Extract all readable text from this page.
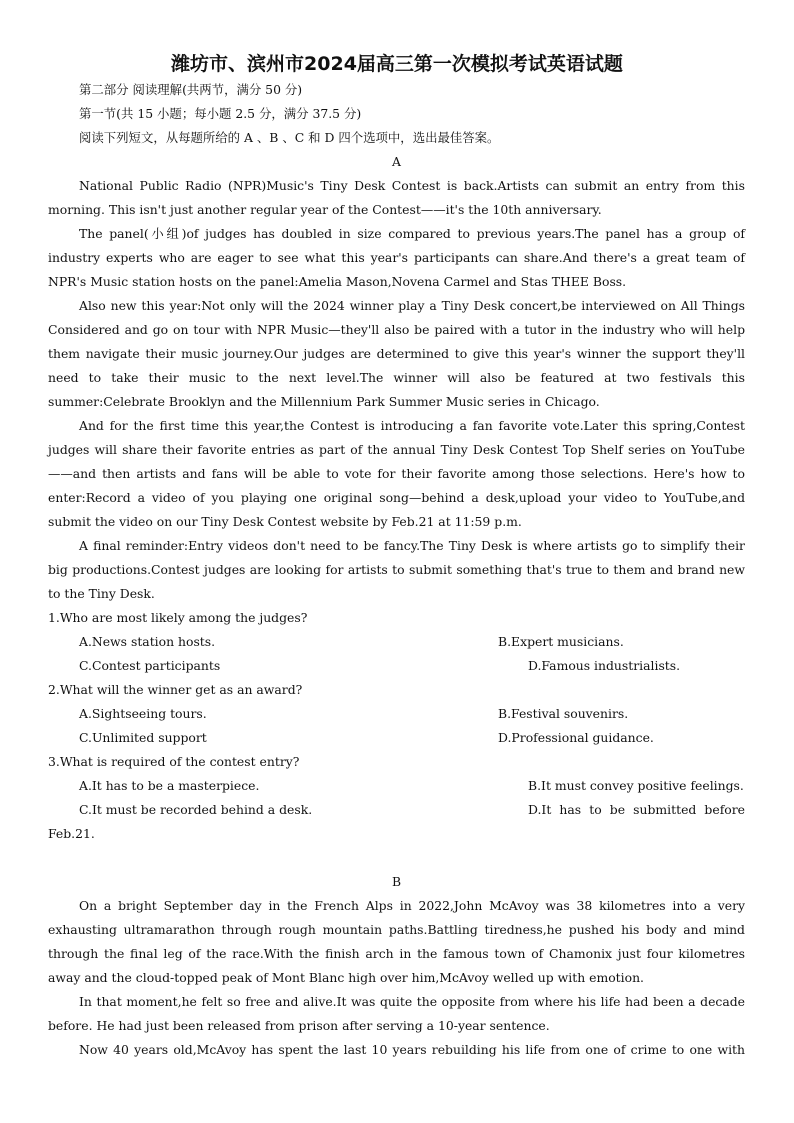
潍坊市、滨州市2024届高三第一次模拟考试英语试题

第二部分 阅读理解(共两节，满分 50 分)

第一节(共 15 小题；每小题 2.5 分，满分 37.5 分)

阅读下列短文，从每题所给的 A 、B 、C 和 D 四个选项中，选出最佳答案。

A

National Public Radio (NPR)Music's Tiny Desk Contest is back.Artists can submit an entry from this morning. This isn't just another regular year of the Contest——it's the 10th anniversary.

The panel(小组)of judges has doubled in size compared to previous years.The panel has a group of industry experts who are eager to see what this year's participants can share.And there's a great team of NPR's Music station hosts on the panel:Amelia Mason,Novena Carmel and Stas THEE Boss.

Also new this year:Not only will the 2024 winner play a Tiny Desk concert,be interviewed on All Things Considered and go on tour with NPR Music—they'll also be paired with a tutor in the industry who will help them navigate their music journey.Our judges are determined to give this year's winner the support they'll need to take their music to the next level.The winner will also be featured at two festivals this summer:Celebrate Brooklyn and the Millennium Park Summer Music series in Chicago.

And for the first time this year,the Contest is introducing a fan favorite vote.Later this spring,Contest judges will share their favorite entries as part of the annual Tiny Desk Contest Top Shelf series on YouTube——and then artists and fans will be able to vote for their favorite among those selections. Here's how to enter:Record a video of you playing one original song—behind a desk,upload your video to YouTube,and submit the video on our Tiny Desk Contest website by Feb.21 at 11:59 p.m.

A final reminder:Entry videos don't need to be fancy.The Tiny Desk is where artists go to simplify their big productions.Contest judges are looking for artists to submit something that's true to them and brand new to the Tiny Desk.

1.Who are most likely among the judges?

A.News station hosts.	B.Expert musicians.
C.Contest participants	D.Famous industrialists.

2.What will the winner get as an award?

A.Sightseeing tours.	B.Festival souvenirs.
C.Unlimited support	D.Professional guidance.

3.What is required of the contest entry?

A.It has to be a masterpiece.	B.It must convey positive feelings.
C.It must be recorded behind a desk.	D.It has to be submitted before

Feb.21.

B

On a bright September day in the French Alps in 2022,John McAvoy was 38 kilometres into a very exhausting ultramarathon through rough mountain paths.Battling tiredness,he pushed his body and mind through the final leg of the race.With the finish arch in the famous town of Chamonix just four kilometres away and the cloud-topped peak of Mont Blanc high over him,McAvoy welled up with emotion.

In that moment,he felt so free and alive.It was quite the opposite from where his life had been a decade before. He had just been released from prison after serving a 10-year sentence.

Now 40 years old,McAvoy has spent the last 10 years rebuilding his life from one of crime to one with
